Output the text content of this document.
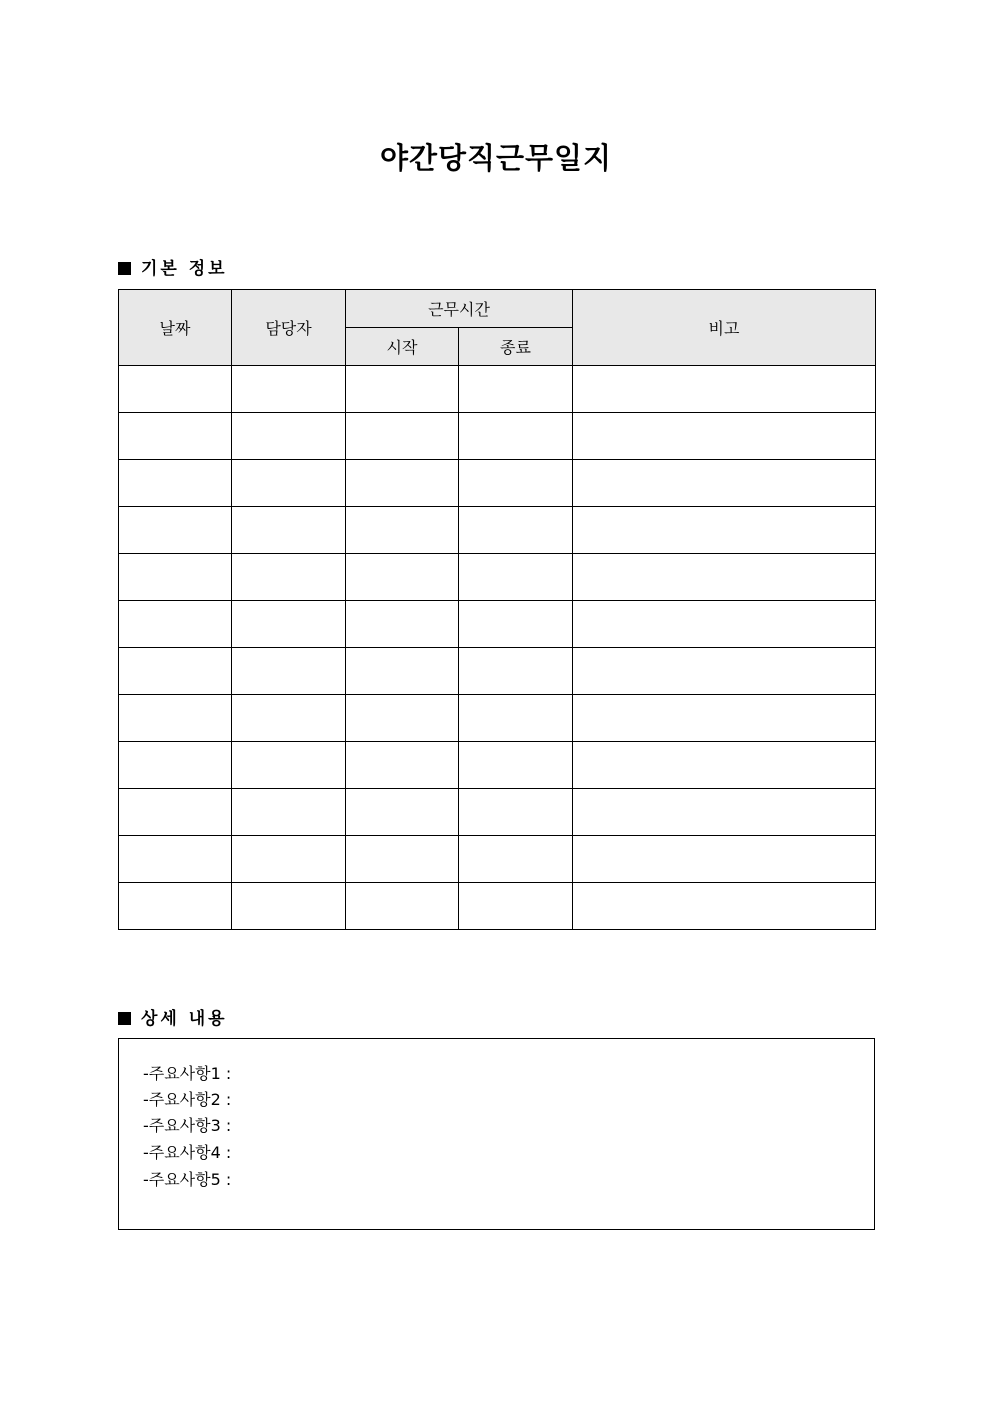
야간당직근무일지
기본 정보
날짜	담당자	근무시간		비고
		시작	종료	

상세 내용
-주요사항1 :
-주요사항2 :
-주요사항3 :
-주요사항4 :
-주요사항5 :
